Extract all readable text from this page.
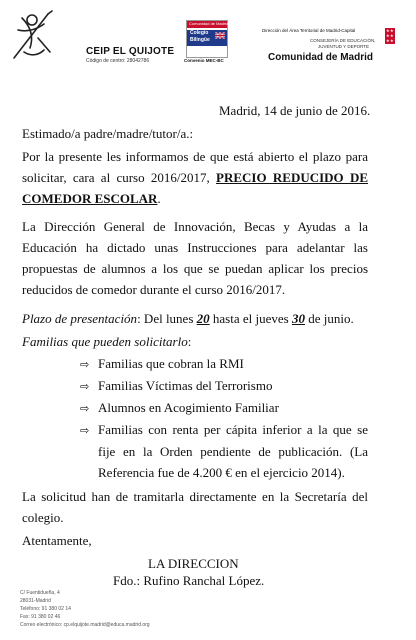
CEIP EL QUIJOTE
Código de centro: 28042786
Comunidad de Madrid
Colegio
Bilingüe
Convenio MEC-BC
Dirección del Área Territorial de Madrid-Capital	★ ★
★ ★
★ ★
CONSEJERÍA DE EDUCACIÓN,
JUVENTUD Y DEPORTE
Comunidad de Madrid
Madrid, 14 de junio de 2016.
Estimado/a padre/madre/tutor/a.:
Por la presente les informamos de que está abierto el plazo para
solicitar, cara al curso 2016/2017, PRECIO REDUCIDO DE
COMEDOR ESCOLAR.
La Dirección General de Innovación, Becas y Ayudas a la
Educación ha dictado unas Instrucciones para adelantar las
propuestas de alumnos a los que se puedan aplicar los precios
reducidos de comedor durante el curso 2016/2017.
Plazo de presentación: Del lunes 20 hasta el jueves 30 de junio.
Familias que pueden solicitarlo:
⇨ Familias que cobran la RMI
⇨ Familias Víctimas del Terrorismo
⇨ Alumnos en Acogimiento Familiar
⇨ Familias con renta per cápita inferior a la que se
fije en la Orden pendiente de publicación. (La
Referencia fue de 4.200 € en el ejercicio 2014).
La solicitud han de tramitarla directamente en la Secretaría del
colegio.
Atentamente,
LA DIRECCION
Fdo.: Rufino Ranchal López.
C/ Fuentidueña, 4
28031-Madrid
Teléfono: 91 380 02 14
Fax: 91 380 02 46
Correo electrónico: cp.elquijote.madrid@educa.madrid.org
